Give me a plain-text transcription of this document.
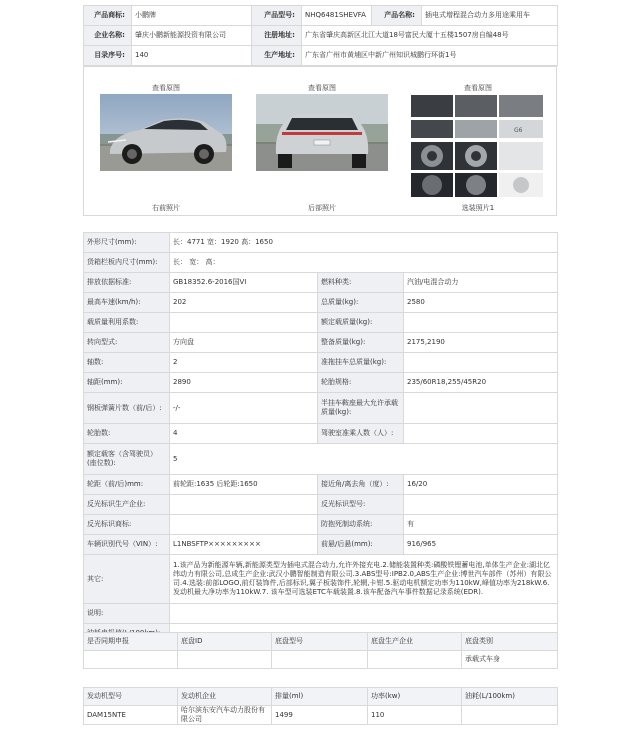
产品商标:	小鹏牌	产品型号:	NHQ6481SHEVFA	产品名称:	插电式增程混合动力多用途乘用车
企业名称:	肇庆小鹏新能源投资有限公司	注册地址:	广东省肇庆高新区北江大道18号富民大厦十五楼1507房自编48号		
目录序号:	140	生产地址:	广东省广州市黄埔区中新广州知识城鹏行环街1号		
查看原图
右前照片
查看原图
后部照片
查看原图
G6
选装照片1
外形尺寸(mm):	长：4771 宽：1920 高：1650		
货箱栏板内尺寸(mm):	长： 宽： 高：		
排放依据标准:	GB18352.6-2016国VI	燃料种类:	汽油/电混合动力
最高车速(km/h):	202	总质量(kg):	2580
载质量利用系数:		额定载质量(kg):	
转向型式:	方向盘	整备质量(kg):	2175,2190
轴数:	2	准拖挂车总质量(kg):	
轴距(mm):	2890	轮胎规格:	235/60R18,255/45R20
钢板弹簧片数（前/后）:	-/-	半挂车鞍座最大允许承载质量(kg):	
轮胎数:	4	驾驶室准乘人数（人）:	
额定载客（含驾驶员）(座位数):	5		
轮距（前/后)mm:	前轮距:1635 后轮距:1650	接近角/离去角（度）:	16/20
反光标识生产企业:		反光标识型号:	
反光标识商标:		防抱死制动系统:	有
车辆识别代号（VIN）:	L1NBSFTP×××××××××	前悬/后悬(mm):	916/965
其它:	1.该产品为新能源车辆,新能源类型为插电式混合动力,允许外接充电.2.储能装置种类:磷酸铁锂蓄电池,单体生产企业:湖北亿纬动力有限公司,总成生产企业:武汉小鹏智能制造有限公司.3.ABS型号:IPB2.0,ABS生产企业:博世汽车部件（苏州）有限公司.4.选装:前部LOGO,前灯装饰件,后部标识,翼子板装饰件,轮辋,卡钳.5.驱动电机额定功率为110kW,峰值功率为218kW.6.发动机最大净功率为110kW.7. 该车型可选装ETC车载装置.8.该车配备汽车事件数据记录系统(EDR).		
说明:			

是否同期申报	底盘ID	底盘型号	底盘生产企业	底盘类别
				承载式车身
发动机型号	发动机企业	排量(ml)	功率(kw)	油耗(L/100km)
DAM15NTE	哈尔滨东安汽车动力股份有限公司	1499	110	
